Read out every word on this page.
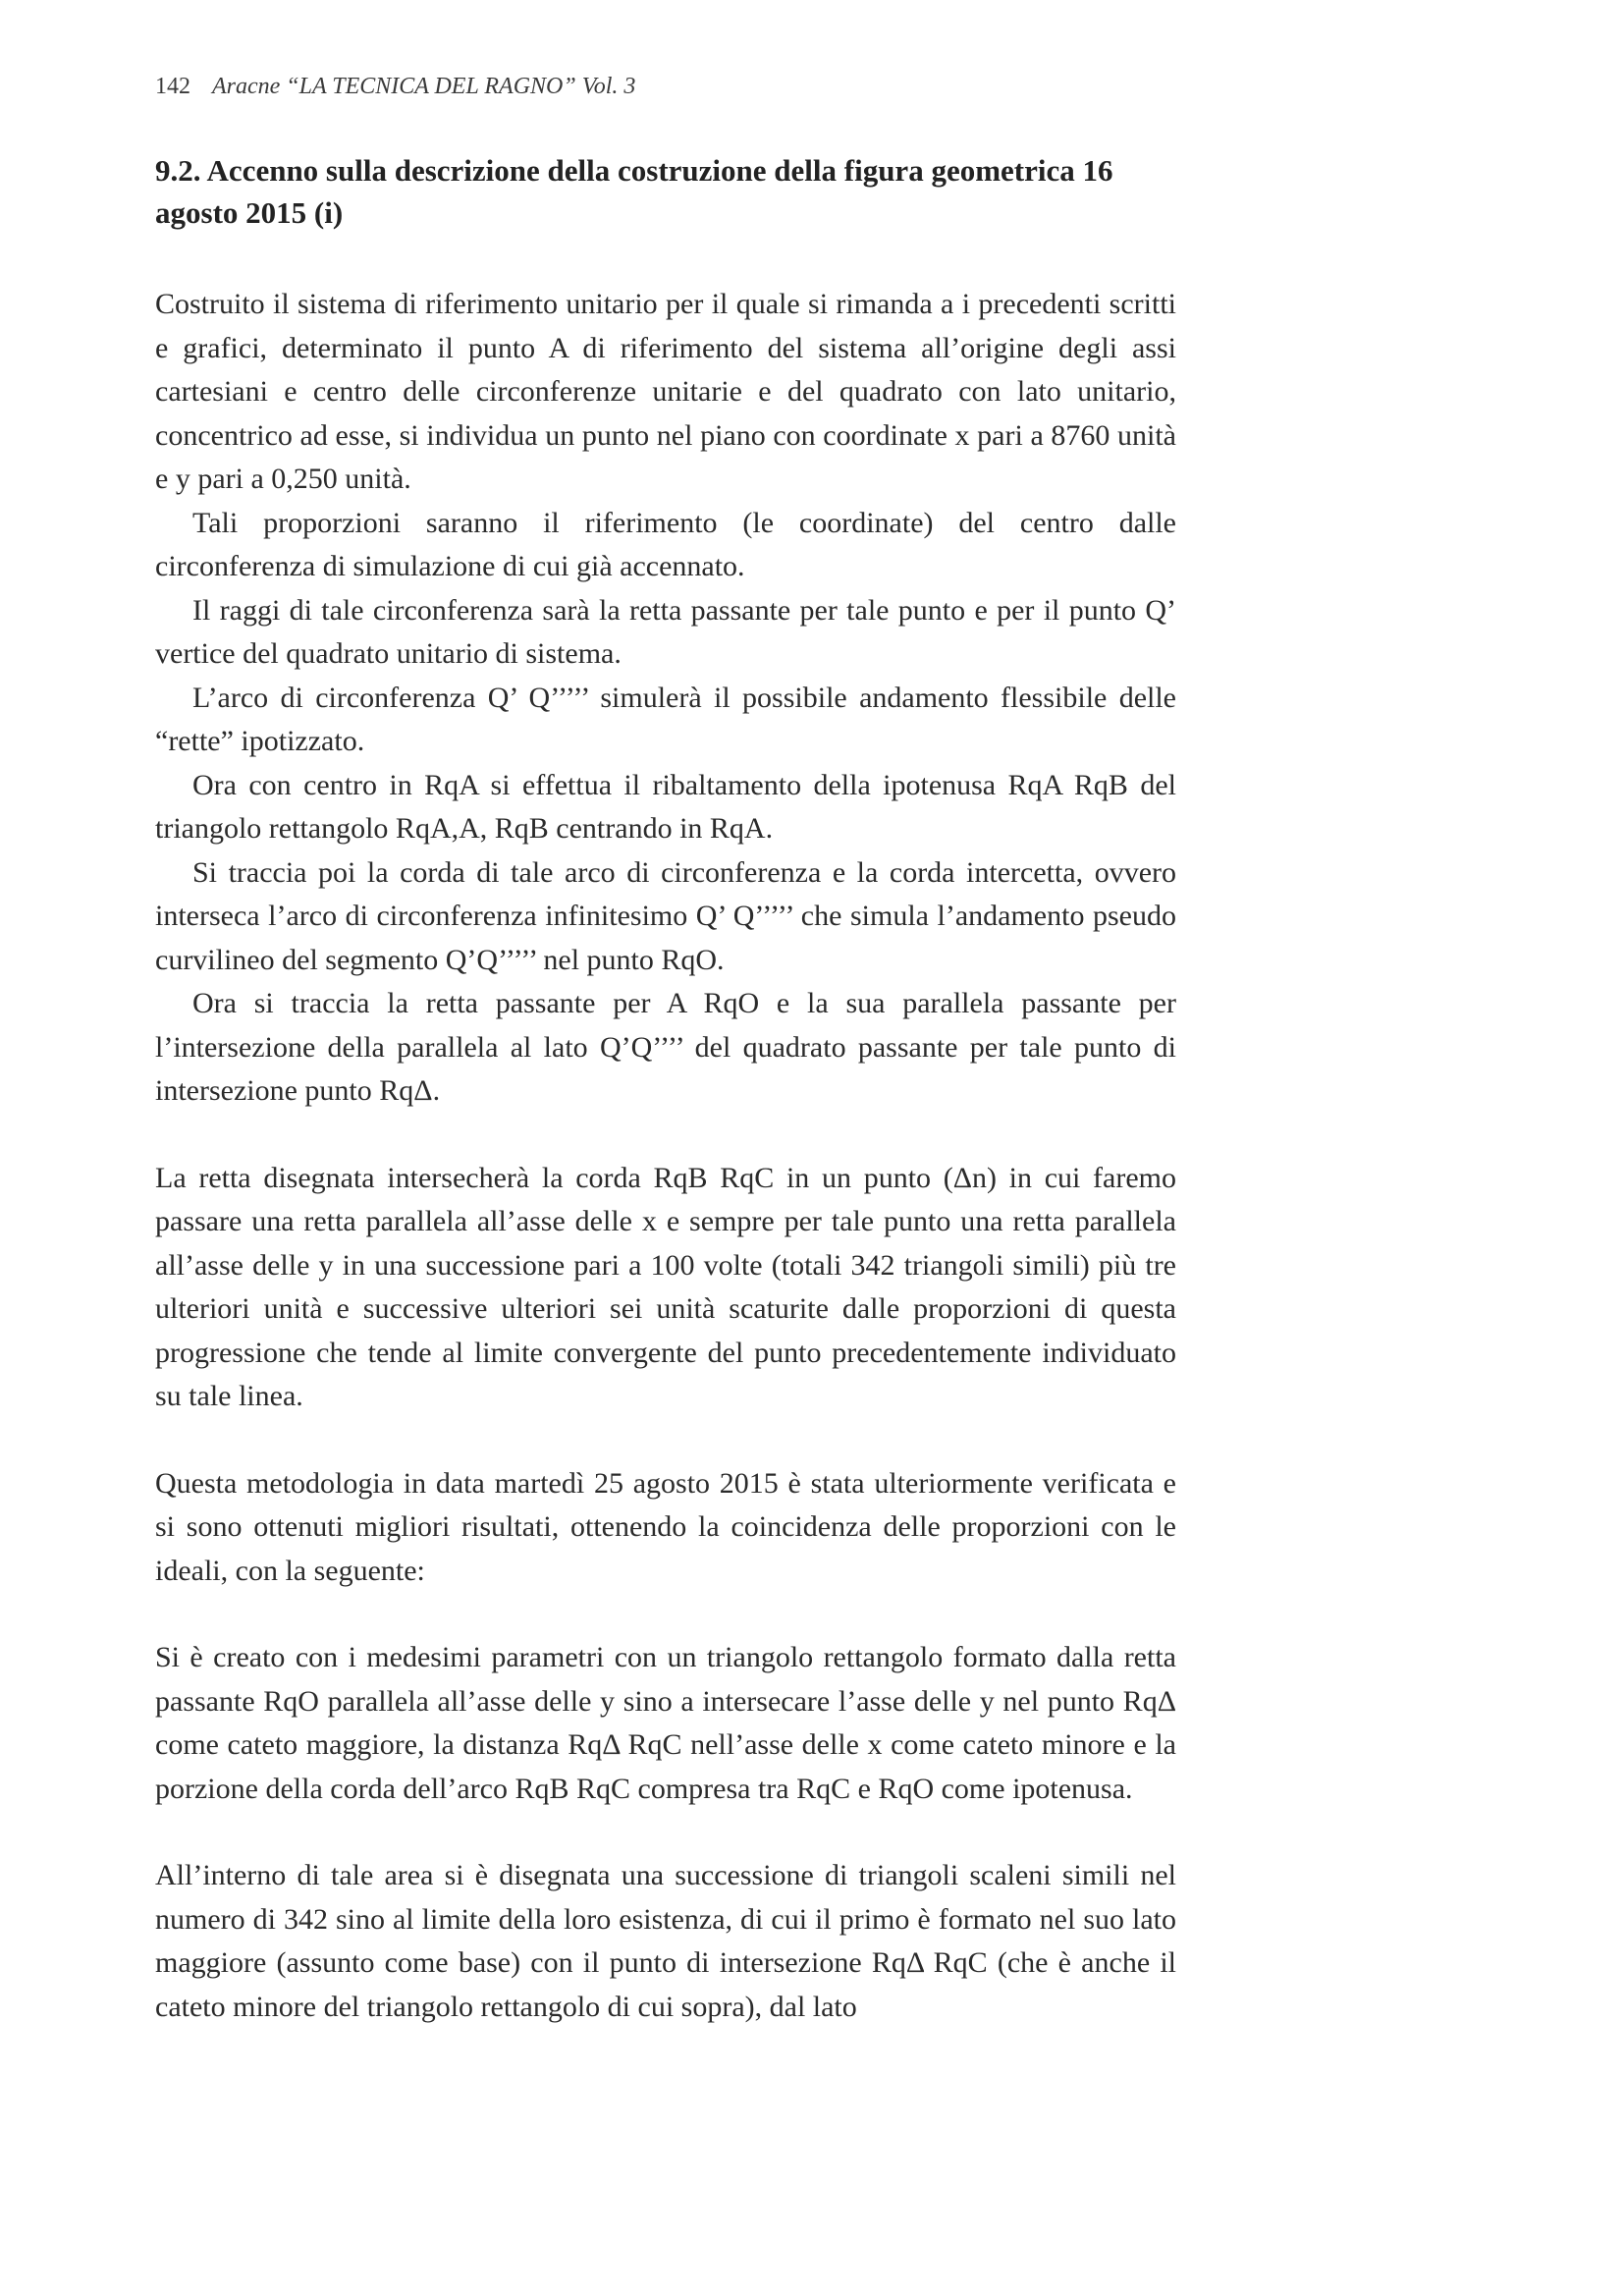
142 Aracne “LA TECNICA DEL RAGNO” Vol. 3
9.2. Accenno sulla descrizione della costruzione della figura geometrica 16 agosto 2015 (i)

Costruito il sistema di riferimento unitario per il quale si rimanda a i precedenti scritti e grafici, determinato il punto A di riferimento del sistema all’origine degli assi cartesiani e centro delle circonferenze unitarie e del quadrato con lato unitario, concentrico ad esse, si individua un punto nel piano con coordinate x pari a 8760 unità e y pari a 0,250 unità.

Tali proporzioni saranno il riferimento (le coordinate) del centro dalle circonferenza di simulazione di cui già accennato.

Il raggi di tale circonferenza sarà la retta passante per tale punto e per il punto Q’ vertice del quadrato unitario di sistema.

L’arco di circonferenza Q’ Q’’’’’ simulerà il possibile andamento flessibile delle “rette” ipotizzato.

Ora con centro in RqA si effettua il ribaltamento della ipotenusa RqA RqB del triangolo rettangolo RqA,A, RqB centrando in RqA.

Si traccia poi la corda di tale arco di circonferenza e la corda intercetta, ovvero interseca l’arco di circonferenza infinitesimo Q’ Q’’’’’ che simula l’andamento pseudo curvilineo del segmento Q’Q’’’’’ nel punto RqO.

Ora si traccia la retta passante per A RqO e la sua parallela passante per l’intersezione della parallela al lato Q’Q’’’’ del quadrato passante per tale punto di intersezione punto RqΔ.

La retta disegnata intersecherà la corda RqB RqC in un punto (Δn) in cui faremo passare una retta parallela all’asse delle x e sempre per tale punto una retta parallela all’asse delle y in una successione pari a 100 volte (totali 342 triangoli simili) più tre ulteriori unità e successive ulteriori sei unità scaturite dalle proporzioni di questa progressione che tende al limite convergente del punto precedentemente individuato su tale linea.

Questa metodologia in data martedì 25 agosto 2015 è stata ulteriormente verificata e si sono ottenuti migliori risultati, ottenendo la coincidenza delle proporzioni con le ideali, con la seguente:

Si è creato con i medesimi parametri con un triangolo rettangolo formato dalla retta passante RqO parallela all’asse delle y sino a intersecare l’asse delle y nel punto RqΔ come cateto maggiore, la distanza RqΔ RqC nell’asse delle x come cateto minore e la porzione della corda dell’arco RqB RqC compresa tra RqC e RqO come ipotenusa.

All’interno di tale area si è disegnata una successione di triangoli scaleni simili nel numero di 342 sino al limite della loro esistenza, di cui il primo è formato nel suo lato maggiore (assunto come base) con il punto di intersezione RqΔ RqC (che è anche il cateto minore del triangolo rettangolo di cui sopra), dal lato
